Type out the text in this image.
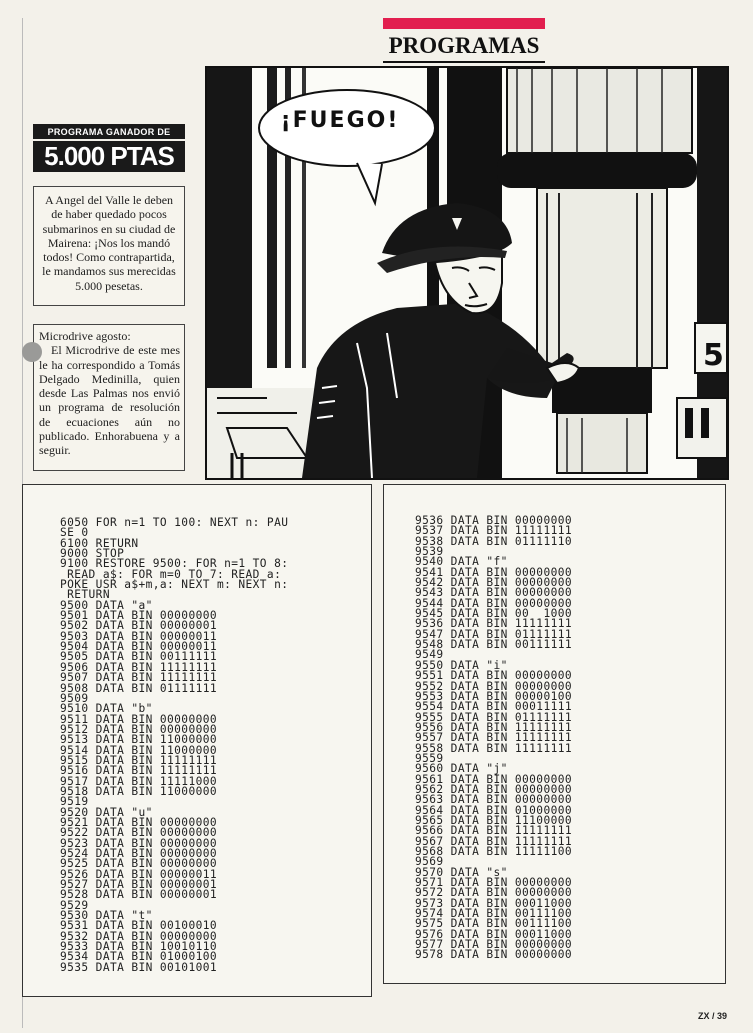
PROGRAMAS
5
¡FUEGO!
PROGRAMA GANADOR DE
5.000 PTAS
A Angel del Valle le deben de haber quedado pocos submarinos en su ciudad de Mairena: ¡Nos los mandó todos! Como contrapartida, le mandamos sus merecidas 5.000 pesetas.
Microdrive agosto:
El Microdrive de este mes le ha correspondido a Tomás Delgado Medinilla, quien desde Las Palmas nos envió un programa de resolución de ecuaciones aún no publicado. Enhorabuena y a seguir.
6050 FOR n=1 TO 100: NEXT n: PAU
SE 0
6100 RETURN
9000 STOP
9100 RESTORE 9500: FOR n=1 TO 8:
READ a$: FOR m=0 TO 7: READ a:
POKE USR a$+m,a: NEXT m: NEXT n:
RETURN
9500 DATA "a"
9501 DATA BIN 00000000
9502 DATA BIN 00000001
9503 DATA BIN 00000011
9504 DATA BIN 00000011
9505 DATA BIN 00111111
9506 DATA BIN 11111111
9507 DATA BIN 11111111
9508 DATA BIN 01111111
9509
9510 DATA "b"
9511 DATA BIN 00000000
9512 DATA BIN 00000000
9513 DATA BIN 11000000
9514 DATA BIN 11000000
9515 DATA BIN 11111111
9516 DATA BIN 11111111
9517 DATA BIN 11111000
9518 DATA BIN 11000000
9519
9520 DATA "u"
9521 DATA BIN 00000000
9522 DATA BIN 00000000
9523 DATA BIN 00000000
9524 DATA BIN 00000000
9525 DATA BIN 00000000
9526 DATA BIN 00000011
9527 DATA BIN 00000001
9528 DATA BIN 00000001
9529
9530 DATA "t"
9531 DATA BIN 00100010
9532 DATA BIN 00000000
9533 DATA BIN 10010110
9534 DATA BIN 01000100
9535 DATA BIN 00101001
9536 DATA BIN 00000000
9537 DATA BIN 11111111
9538 DATA BIN 01111110
9539
9540 DATA "f"
9541 DATA BIN 00000000
9542 DATA BIN 00000000
9543 DATA BIN 00000000
9544 DATA BIN 00000000
9545 DATA BIN 00  1000
9536 DATA BIN 11111111
9547 DATA BIN 01111111
9548 DATA BIN 00111111
9549
9550 DATA "i"
9551 DATA BIN 00000000
9552 DATA BIN 00000000
9553 DATA BIN 00000100
9554 DATA BIN 00011111
9555 DATA BIN 01111111
9556 DATA BIN 11111111
9557 DATA BIN 11111111
9558 DATA BIN 11111111
9559
9560 DATA "j"
9561 DATA BIN 00000000
9562 DATA BIN 00000000
9563 DATA BIN 00000000
9564 DATA BIN 01000000
9565 DATA BIN 11100000
9566 DATA BIN 11111111
9567 DATA BIN 11111111
9568 DATA BIN 11111100
9569
9570 DATA "s"
9571 DATA BIN 00000000
9572 DATA BIN 00000000
9573 DATA BIN 00011000
9574 DATA BIN 00111100
9575 DATA BIN 00111100
9576 DATA BIN 00011000
9577 DATA BIN 00000000
9578 DATA BIN 00000000
ZX / 39
